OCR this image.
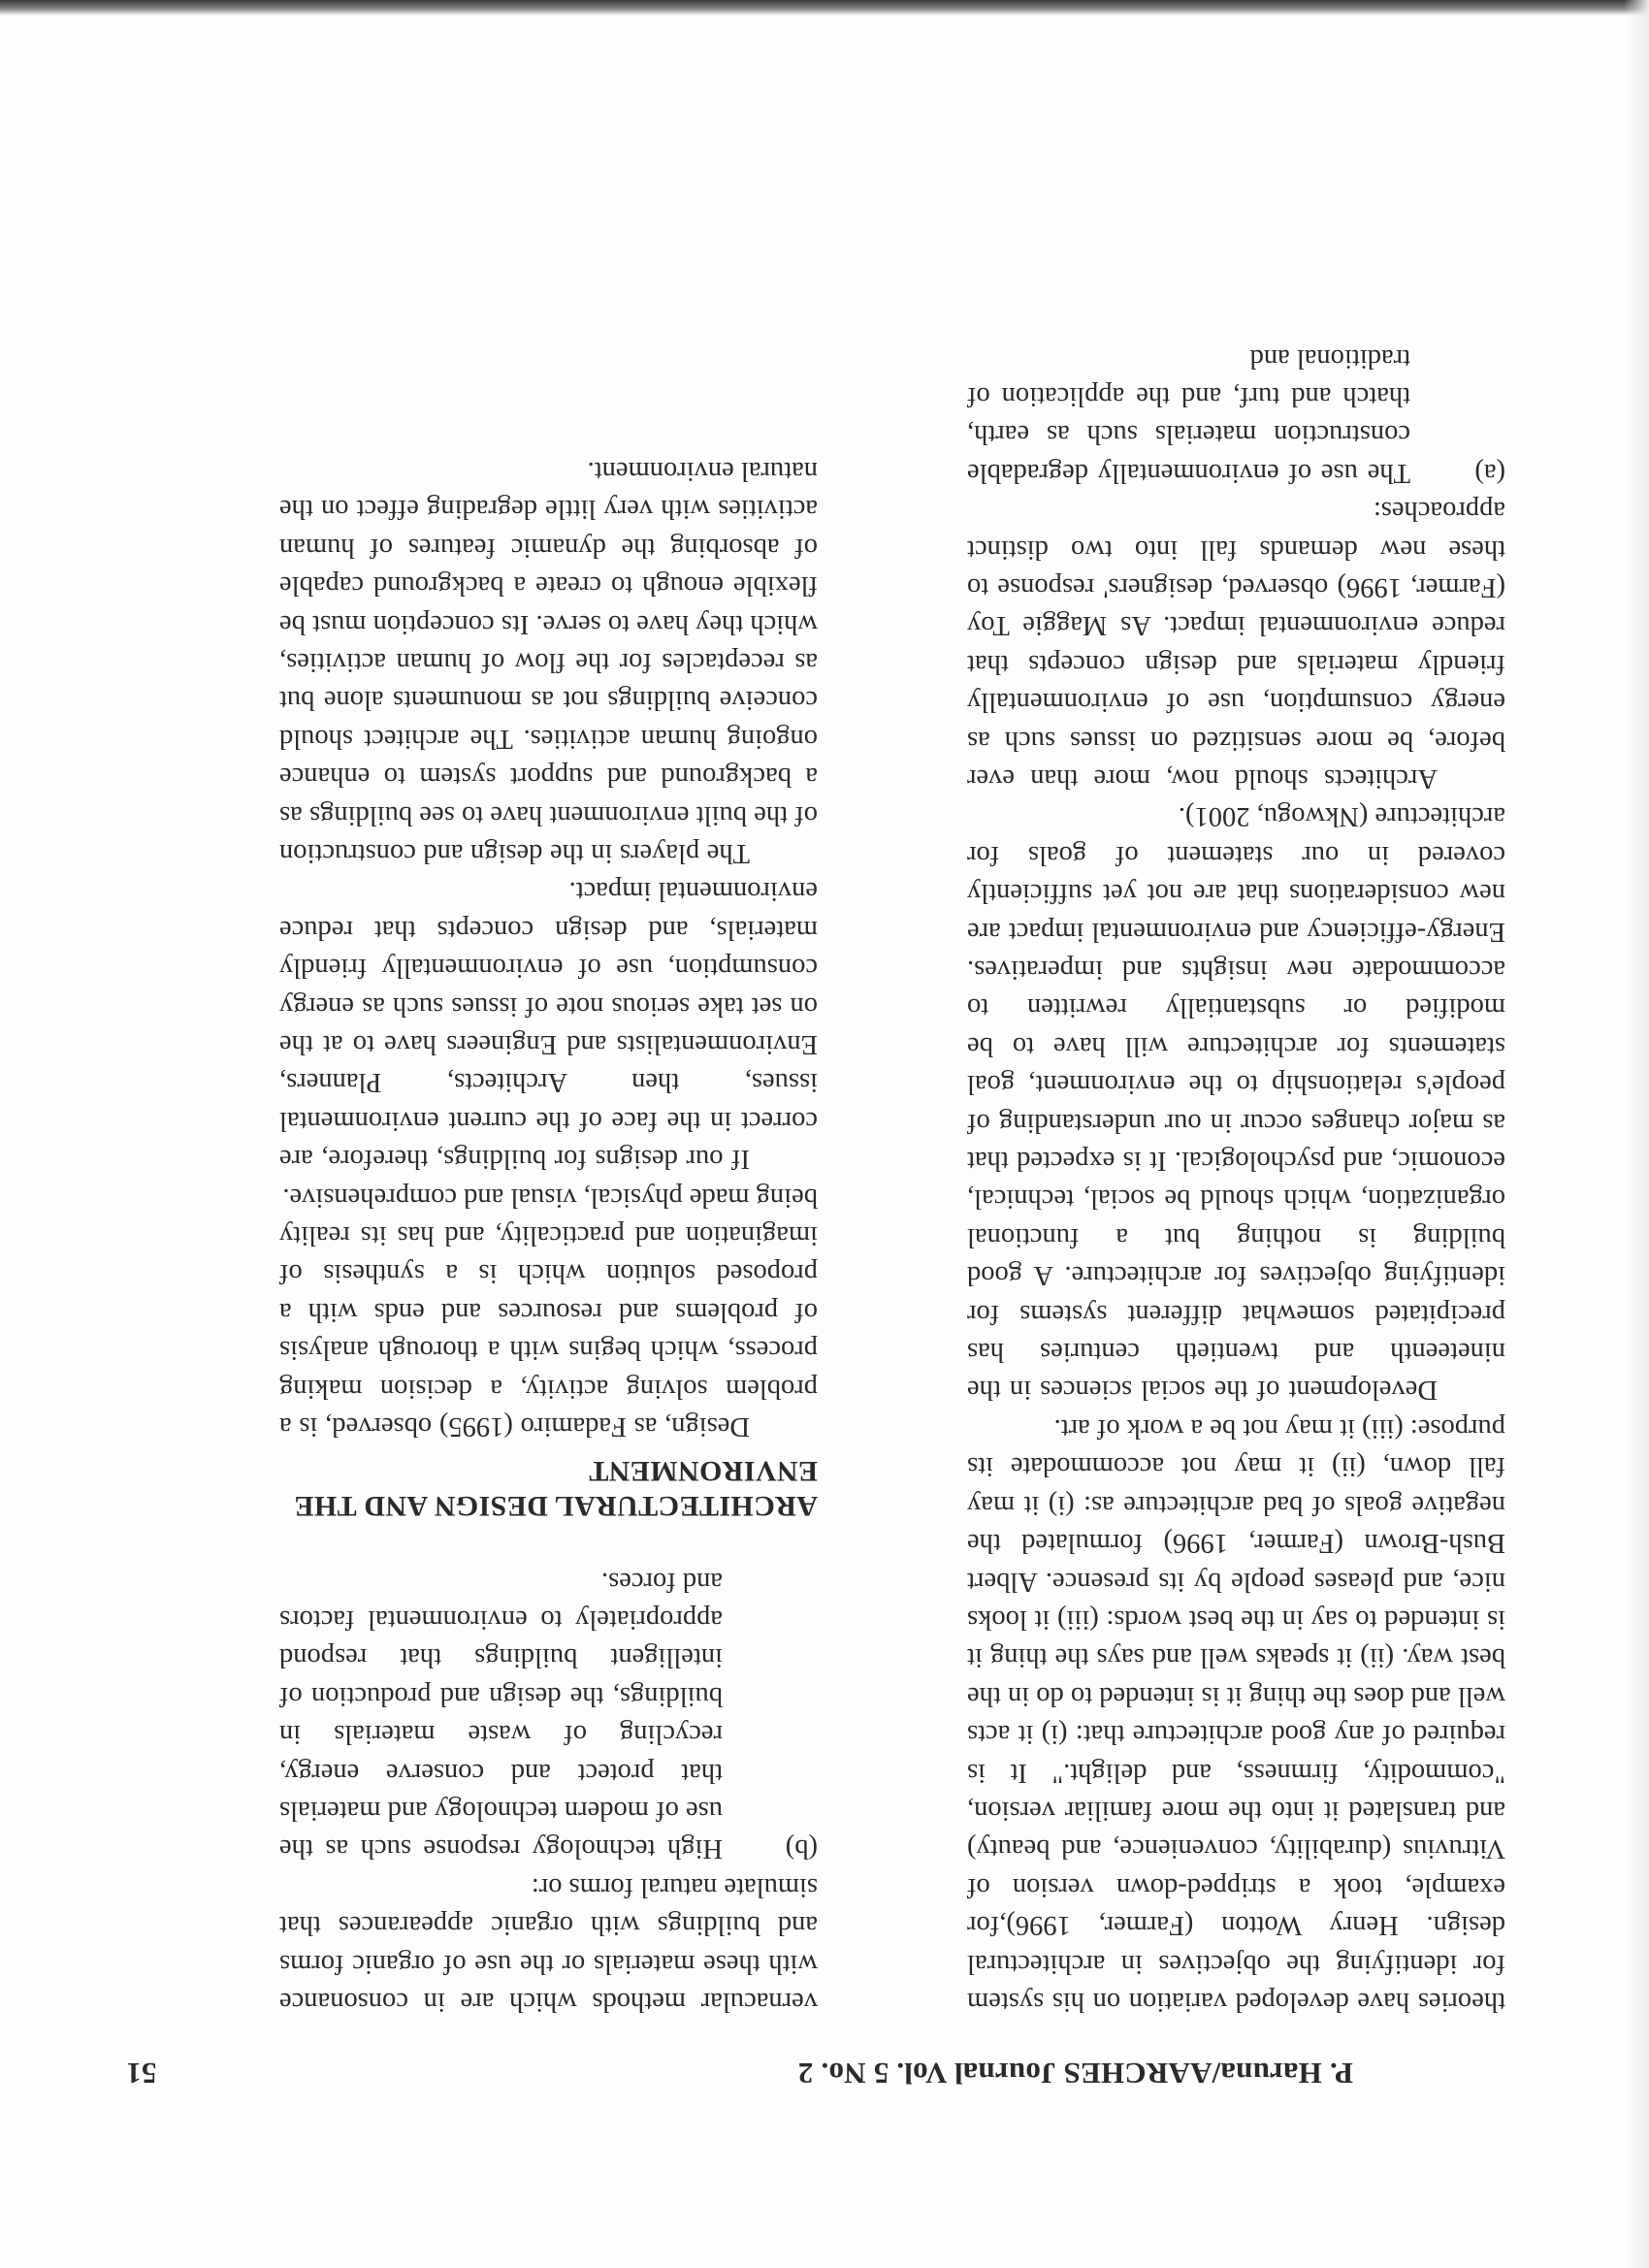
P. Haruna/AARCHES Journal Vol. 5 No. 2
51

theories have developed variation on his system for identifying the objectives in architectural design. Henry Wotton (Farmer, 1996),for example, took a stripped-down version of Vitruvius (durability, convenience, and beauty) and translated it into the more familiar version, "commodity, firmness, and delight." It is required of any good architecture that: (i) it acts well and does the thing it is intended to do in the best way. (ii) it speaks well and says the thing it is intended to say in the best words: (iii) it looks nice, and pleases people by its presence. Albert Bush-Brown (Farmer, 1996) formulated the negative goals of bad architecture as: (i) it may fall down, (ii) it may not accommodate its purpose: (iii) it may not be a work of art.

Development of the social sciences in the nineteenth and twentieth centuries has precipitated somewhat different systems for identifying objectives for architecture. A good building is nothing but a functional organization, which should be social, technical, economic, and psychological. It is expected that as major changes occur in our understanding of people's relationship to the environment, goal statements for architecture will have to be modified or substantially rewritten to accommodate new insights and imperatives. Energy-efficiency and environmental impact are new considerations that are not yet sufficiently covered in our statement of goals for architecture (Nkwogu, 2001).

Architects should now, more than ever before, be more sensitized on issues such as energy consumption, use of environmentally friendly materials and design concepts that reduce environmental impact. As Maggie Toy (Farmer, 1996) observed, designers' response to these new demands fall into two distinct approaches:

(a)
The use of environmentally degradable construction materials such as earth, thatch and turf, and the application of traditional and

vernacular methods which are in consonance with these materials or the use of organic forms and buildings with organic appearances that simulate natural forms or:

(b)
High technology response such as the use of modern technology and materials that protect and conserve energy, recycling of waste materials in buildings, the design and production of intelligent buildings that respond appropriately to environmental factors and forces.
ARCHITECTURAL DESIGN AND THE ENVIRONMENT

Design, as Fadamiro (1995) observed, is a problem solving activity, a decision making process, which begins with a thorough analysis of problems and resources and ends with a proposed solution which is a synthesis of imagination and practicality, and has its reality being made physical, visual and comprehensive.

If our designs for buildings, therefore, are correct in the face of the current environmental issues, then Architects, Planners, Environmentalists and Engineers have to at the on set take serious note of issues such as energy consumption, use of environmentally friendly materials, and design concepts that reduce environmental impact.

The players in the design and construction of the built environment have to see buildings as a background and support system to enhance ongoing human activities. The architect should conceive buildings not as monuments alone but as receptacles for the flow of human activities, which they have to serve. Its conception must be flexible enough to create a background capable of absorbing the dynamic features of human activities with very little degrading effect on the natural environment.
